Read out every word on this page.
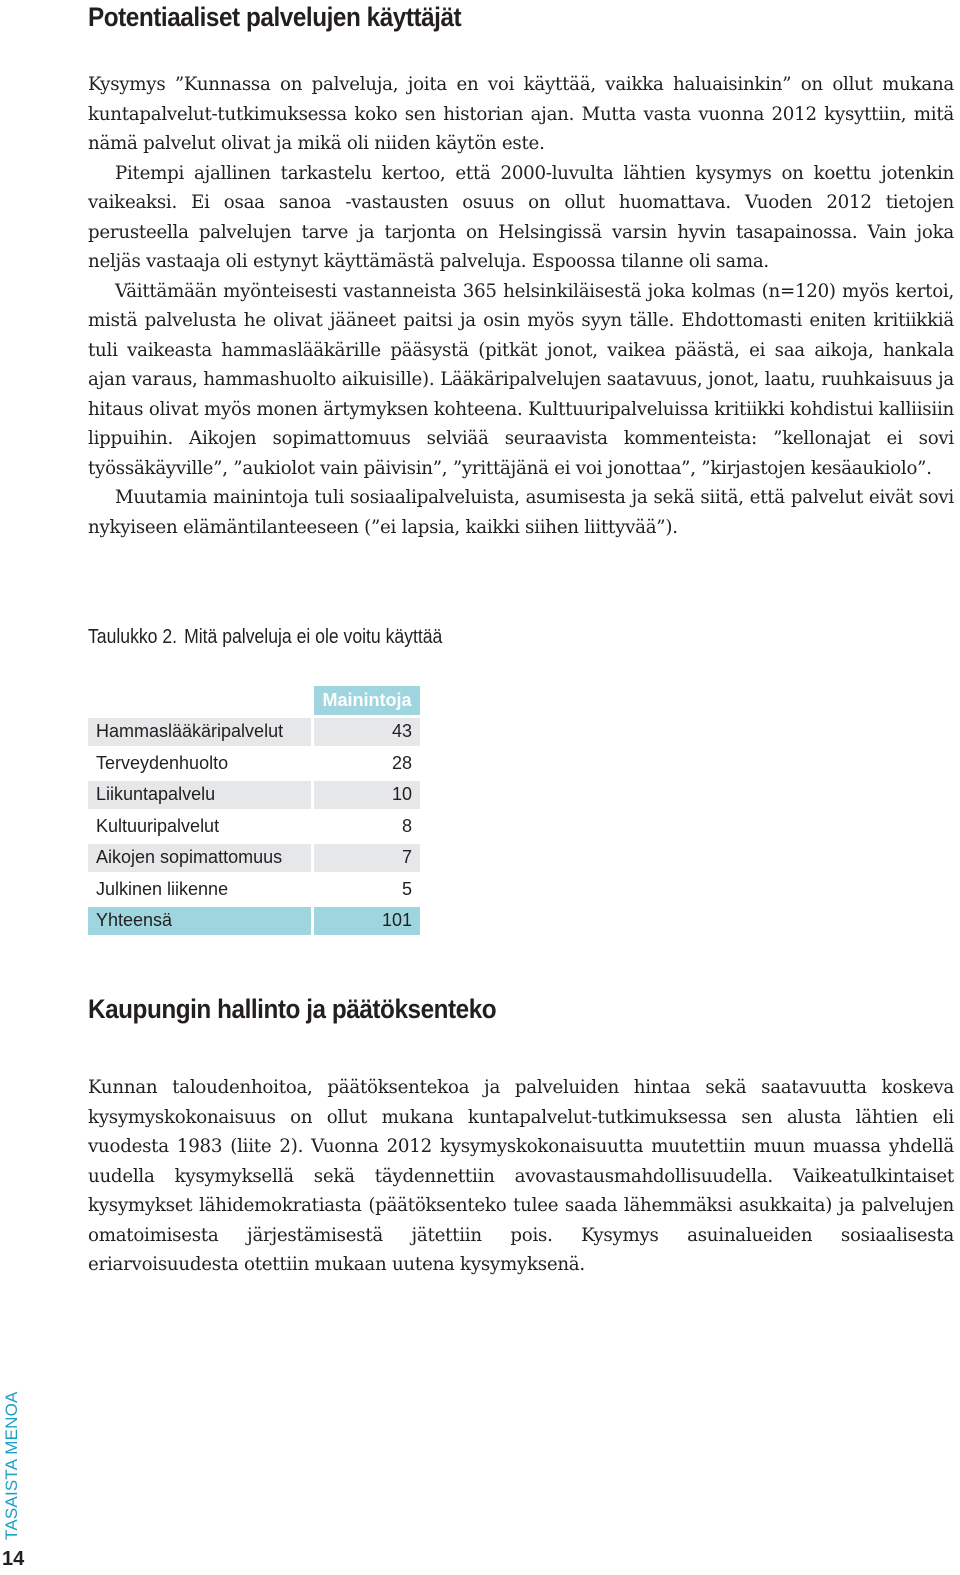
Potentiaaliset palvelujen käyttäjät

Kysymys ”Kunnassa on palveluja, joita en voi käyttää, vaikka haluaisinkin” on ollut mukana kuntapalvelut-tutkimuksessa koko sen historian ajan. Mutta vasta vuonna 2012 kysyttiin, mitä nämä palvelut olivat ja mikä oli niiden käytön este.

Pitempi ajallinen tarkastelu kertoo, että 2000-luvulta lähtien kysymys on koettu jotenkin vaikeaksi. Ei osaa sanoa -vastausten osuus on ollut huomattava. Vuoden 2012 tietojen perusteella palvelujen tarve ja tarjonta on Helsingissä varsin hyvin tasapainossa. Vain joka neljäs vastaaja oli estynyt käyttämästä palveluja. Espoossa tilanne oli sama.

Väittämään myönteisesti vastanneista 365 helsinkiläisestä joka kolmas (n=120) myös kertoi, mistä palvelusta he olivat jääneet paitsi ja osin myös syyn tälle. Ehdottomasti eniten kritiikkiä tuli vaikeasta hammaslääkärille pääsystä (pitkät jonot, vaikea päästä, ei saa aikoja, hankala ajan varaus, hammashuolto aikuisille). Lääkäripalvelujen saatavuus, jonot, laatu, ruuhkaisuus ja hitaus olivat myös monen ärtymyksen kohteena. Kulttuuripalveluissa kritiikki kohdistui kalliisiin lippuihin. Aikojen sopimattomuus selviää seuraavista kommenteista: ”kellonajat ei sovi työssäkäyville”, ”aukiolot vain päivisin”, ”yrittäjänä ei voi jonottaa”, ”kirjastojen kesäaukiolo”.

Muutamia mainintoja tuli sosiaalipalveluista, asumisesta ja sekä siitä, että palvelut eivät sovi nykyiseen elämäntilanteeseen (”ei lapsia, kaikki siihen liittyvää”).

Taulukko 2. Mitä palveluja ei ole voitu käyttää
	Mainintoja
Hammaslääkäripalvelut	43
Terveydenhuolto	28
Liikuntapalvelu	10
Kultuuripalvelut	8
Aikojen sopimattomuus	7
Julkinen liikenne	5
Yhteensä	101
Kaupungin hallinto ja päätöksenteko

Kunnan taloudenhoitoa, päätöksentekoa ja palveluiden hintaa sekä saatavuutta koskeva kysymyskokonaisuus on ollut mukana kuntapalvelut-tutkimuksessa sen alusta lähtien eli vuodesta 1983 (liite 2). Vuonna 2012 kysymyskokonaisuutta muutettiin muun muassa yhdellä uudella kysymyksellä sekä täydennettiin avovastausmahdollisuudella. Vaikeatulkintaiset kysymykset lähidemokratiasta (päätöksenteko tulee saada lähemmäksi asukkaita) ja palvelujen omatoimisesta järjestämisestä jätettiin pois. Kysymys asuinalueiden sosiaalisesta eriarvoisuudesta otettiin mukaan uutena kysymyksenä.

TASAISTA MENOA
14
